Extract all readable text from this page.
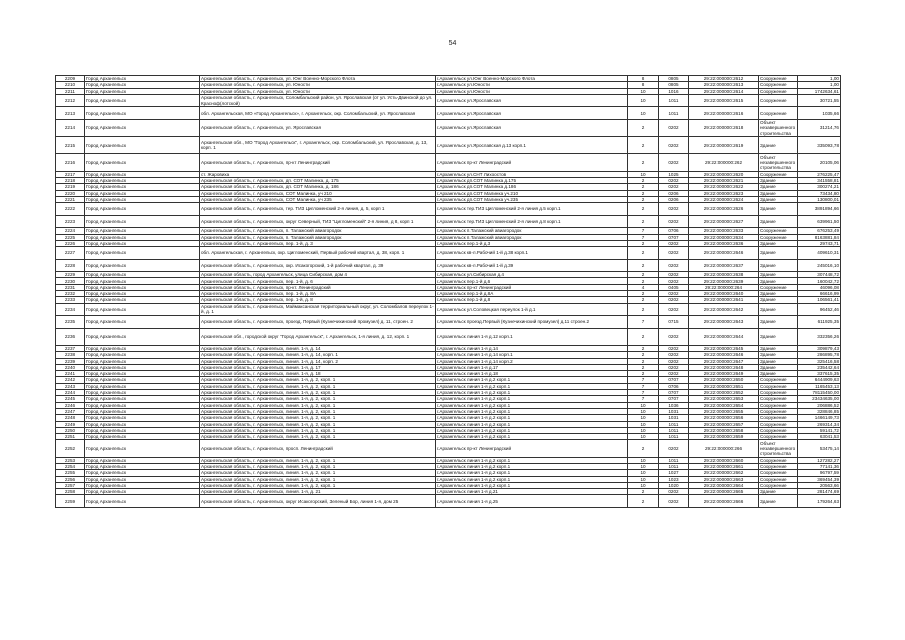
54
2209	Город Архангельск	Архангельская область, г. Архангельск, ул. Юнг Военно-Морского Флота	г.Архангельск ул.Юнг Военно-Морского Флота	8	0805	29:22:000000:2612	Сооружение	1,00
2210	Город Архангельск	Архангельская область, г. Архангельск, ул. Юности	г.Архангельск ул.Юности	8	0805	29:22:000000:2613	Сооружение	1,00
2211	Город Архангельск	Архангельская область, г. Архангельск, ул. Юности	г.Архангельск ул.Юности	10	1016	29:22:000000:2614	Сооружение	1742634,61
2212	Город Архангельск	Архангельская область, г. Архангельск, Соломбальский район, ул. Ярославская (от ул. Усть-Двинской до ул. Красноф(лотской)	г.Архангельск ул.Ярославская	10	1011	29:22:000000:2615	Сооружение	30721,55
2213	Город Архангельск	обл. Архангельская, МО «Город Архангельск», г. Архангельск, окр. Соломбальский, ул. Ярославская	г.Архангельск ул.Ярославская	10	1011	29:22:000000:2616	Сооружение	1035,66
2214	Город Архангельск	Архангельская область, г. Архангельск, ул. Ярославская	г.Архангельск ул.Ярославская	2	0202	29:22:000000:2618	Объект незавершенного строительства	31214,76
2215	Город Архангельск	Архангельская обл., МО "Город Архангельск", г. Архангельск, окр. Соломбальский, ул. Ярославская, д. 13, корп. 1	г.Архангельск ул.Ярославская д.13 корп.1	2	0202	29:22:000000:2619	Здание	335093,78
2216	Город Архангельск	Архангельская область, г. Архангельск, пр-кт Ленинградский	г.Архангельск пр-кт Ленинградский	2	0202	29:22:000000:262	Объект незавершенного строительства	20105,06
2217	Город Архангельск	ст. Жаровиха	г.Архангельск ул.СНТ Лихоостов	10	1025	29:22:000000:2620	Сооружение	276225,47
2218	Город Архангельск	Архангельская область, г. Архангельск, дп. СОТ Малинка, д. 175	г.Архангельск дп.СОТ Малинка д.175	2	0202	29:22:000000:2621	Здание	341558,81
2219	Город Архангельск	Архангельская область, г. Архангельск, дп. СОТ Малинка, д. 186	г.Архангельск дп.СОТ Малинка д.186	2	0202	29:22:000000:2622	Здание	300274,21
2220	Город Архангельск	Архангельская область, г. Архангельск, СОТ Малинка, уч 210	г.Архангельск дп.СОТ Малинка уч.210	2	0206	29:22:000000:2623	Здание	73434,80
2221	Город Архангельск	Архангельская область, г. Архангельск, СОТ Малинка, уч 235	г.Архангельск дп.СОТ Малинка уч.235	2	0206	29:22:000000:2624	Здание	130800,01
2222	Город Архангельск	Архангельская область, г. Архангельск, тер. ТИЗ Цигломенский 2-я линия, д. 5, корп 1	г.Архангельск тер.ТИЗ Цигломенский 2-я линия д.5 корп.1	2	0202	29:22:000000:2626	Здание	3891894,66
2223	Город Архангельск	Архангельская область, г. Архангельск, округ Северный, ТИЗ "Цигломенский" 2-я линия, д 8, корп 1	г.Архангельск тер.ТИЗ Цигломенский 2-я линия д.8 корп.1	2	0202	29:22:000000:2627	Здание	639961,50
2224	Город Архангельск	Архангельская область, г. Архангельск, п. Талажский авиагородок	г.Архангельск п.Талажский авиагородок	7	0706	29:22:000000:2633	Сооружение	676253,49
2225	Город Архангельск	Архангельская область, г. Архангельск, п. Талажский авиагородок	г.Архангельск п.Талажский авиагородок	7	0707	29:22:000000:2634	Сооружение	8163881,84
2226	Город Архангельск	Архангельская область, г. Архангельск, пер. 1-й, д. 3	г.Архангельск пер.1-й д.3	2	0202	29:22:000000:2636	Здание	29743,71
2227	Город Архангельск	обл. Архангельская, г. Архангельск, окр. Цигломенский, Первый рабочий квартал, д. 38, корп. 1	г.Архангельск кв-л.Рабочий 1-й д.38 корп.1	2	0202	29:22:000000:2646	Здание	409610,31
2228	Город Архангельск	Архангельская область, г. Архангельск, окр. Исакогорский, 1-й рабочий квартал, д. 39	г.Архангельск кв-л.Рабочий 1-й д.39	2	0202	29:22:000000:2637	Здание	245016,10
2229	Город Архангельск	Архангельская область, город Архангельск, улица Сибирская, дом 4	г.Архангельск ул.Сибирская д.4	2	0202	29:22:000000:2638	Здание	307448,72
2230	Город Архангельск	Архангельская область, г. Архангельск, пер. 1-й, д. 6	г.Архангельск пер.1-й д.6	2	0202	29:22:000000:2639	Здание	160042,72
2231	Город Архангельск	Архангельская область, г. Архангельск, пр-кт. Ленинградский	г.Архангельск пр-кт Ленинградский	4	0405	29:22:000000:264	Сооружение	46096,08
2232	Город Архангельск	Архангельская область, г. Архангельск, пер. 1-й, д. 8А	г.Архангельск пер.1-й д.8А	2	0202	29:22:000000:2640	Здание	66616,99
2233	Город Архангельск	Архангельская область, г. Архангельск, пер. 1-й, д. 8	г.Архангельск пер.1-й д.8	2	0202	29:22:000000:2641	Здание	106561,41
2234	Город Архангельск	Архангельская область, г. Архангельск, Маймаксанская территориальный округ, ул. Соломбалов переулок 1-й, д. 1	г.Архангельск ул.Соловецкая переулок 1-й д.1	2	0202	29:22:000000:2642	Здание	96452,46
2235	Город Архангельск	Архангельская область, г. Архангельск, проезд. Первый (Кузнечихинский промузел) д. 11, строен. 2	г.Архангельск проезд.Первый (Кузнечихинский промузел) д.11 строен.2	7	0715	29:22:000000:2643	Здание	611925,35
2236	Город Архангельск	Архангельская обл., городской округ "Город Архангельск", г. Архангельск, 1-я линия, д. 12, корп. 1	г.Архангельск линия 1-я д.12 корп.1	2	0202	29:22:000000:2644	Здание	332356,26
2237	Город Архангельск	Архангельская область, г. Архангельск, линия. 1-я, д. 14	г.Архангельск линия 1-я д.14	2	0202	29:22:000000:2645	Здание	309879,43
2238	Город Архангельск	Архангельская область, г. Архангельск, линия. 1-я, д. 14, корп. 1	г.Архангельск линия 1-я д.14 корп.1	2	0202	29:22:000000:2646	Здание	286895,78
2239	Город Архангельск	Архангельская область, г. Архангельск, линия. 1-я, д. 14, корп. 2	г.Архангельск линия 1-я д.14 корп.2	2	0202	29:22:000000:2647	Здание	325416,58
2240	Город Архангельск	Архангельская область, г. Архангельск, линия. 1-я, д. 17	г.Архангельск линия 1-я д.17	2	0202	29:22:000000:2648	Здание	235442,64
2241	Город Архангельск	Архангельская область, г. Архангельск, линия. 1-я, д. 18	г.Архангельск линия 1-я д.18	2	0202	29:22:000000:2649	Здание	337615,35
2242	Город Архангельск	Архангельская область, г. Архангельск, линия. 1-я, д. 2, корп. 1	г.Архангельск линия 1-я д.2 корп.1	7	0707	29:22:000000:2650	Сооружение	6444909,63
2243	Город Архангельск	Архангельская область, г. Архангельск, линия. 1-я, д. 2, корп. 1	г.Архангельск линия 1-я д.2 корп.1	7	0706	29:22:000000:2651	Сооружение	1165453,13
2244	Город Архангельск	Архангельская область, г. Архангельск, линия. 1-я, д. 2, корп. 1	г.Архангельск линия 1-я д.2 корп.1	7	0707	29:22:000000:2652	Сооружение	78115450,00
2245	Город Архангельск	Архангельская область, г. Архангельск, линия. 1-я, д. 2, корп. 1	г.Архангельск линия 1-я д.2 корп.1	7	0707	29:22:000000:2653	Сооружение	23434635,00
2246	Город Архангельск	Архангельская область, г. Архангельск, линия. 1-я, д. 2, корп. 1	г.Архангельск линия 1-я д.2 корп.1	10	1036	29:22:000000:2654	Сооружение	206886,52
2247	Город Архангельск	Архангельская область, г. Архангельск, линия. 1-я, д. 2, корп. 1	г.Архангельск линия 1-я д.2 корп.1	10	1031	29:22:000000:2655	Сооружение	328846,85
2248	Город Архангельск	Архангельская область, г. Архангельск, линия. 1-я, д. 2, корп. 1	г.Архангельск линия 1-я д.2 корп.1	10	1031	29:22:000000:2656	Сооружение	1466149,73
2249	Город Архангельск	Архангельская область, г. Архангельск, линия. 1-я, д. 2, корп. 1	г.Архангельск линия 1-я д.2 корп.1	10	1011	29:22:000000:2657	Сооружение	269314,34
2250	Город Архангельск	Архангельская область, г. Архангельск, линия. 1-я, д. 2, корп. 1	г.Архангельск линия 1-я д.2 корп.1	10	1011	29:22:000000:2658	Сооружение	59141,72
2251	Город Архангельск	Архангельская область, г. Архангельск, линия. 1-я, д. 2, корп. 1	г.Архангельск линия 1-я д.2 корп.1	10	1011	29:22:000000:2659	Сооружение	63041,53
2252	Город Архангельск	Архангельская область, г. Архангельск, просп. Ленинградский	г.Архангельск пр-кт Ленинградский	2	0202	29:22:000000:266	Объект незавершенного строительства	53475,14
2253	Город Архангельск	Архангельская область, г. Архангельск, линия. 1-я, д. 2, корп. 1	г.Архангельск линия 1-я д.2 корп.1	10	1011	29:22:000000:2660	Сооружение	127282,27
2254	Город Архангельск	Архангельская область, г. Архангельск, линия. 1-я, д. 2, корп. 1	г.Архангельск линия 1-я д.2 корп.1	10	1011	29:22:000000:2661	Сооружение	77141,36
2255	Город Архангельск	Архангельская область, г. Архангельск, линия. 1-я, д. 2, корп. 1	г.Архангельск линия 1-я д.2 корп.1	10	1027	29:22:000000:2662	Сооружение	96797,59
2256	Город Архангельск	Архангельская область, г. Архангельск, линия. 1-я, д. 2, корп. 1	г.Архангельск линия 1-я д.2 корп.1	10	1023	29:22:000000:2663	Сооружение	369454,39
2257	Город Архангельск	Архангельская область, г. Архангельск, линия. 1-я, д. 2, корп. 1	г.Архангельск линия 1-я д.2 корп.1	10	1020	29:22:000000:2664	Сооружение	20563,66
2258	Город Архангельск	Архангельская область, г. Архангельск, линия. 1-я, д. 21	г.Архангельск линия 1-я д.21	2	0202	29:22:000000:2665	Здание	281474,69
2259	Город Архангельск	Архангельская область, г. Архангельск, округ Исакогорский, Зеленый Бор, линия 1-я, дом 25	г.Архангельск линия 1-я д.25	2	0202	29:22:000000:2666	Здание	179264,63
